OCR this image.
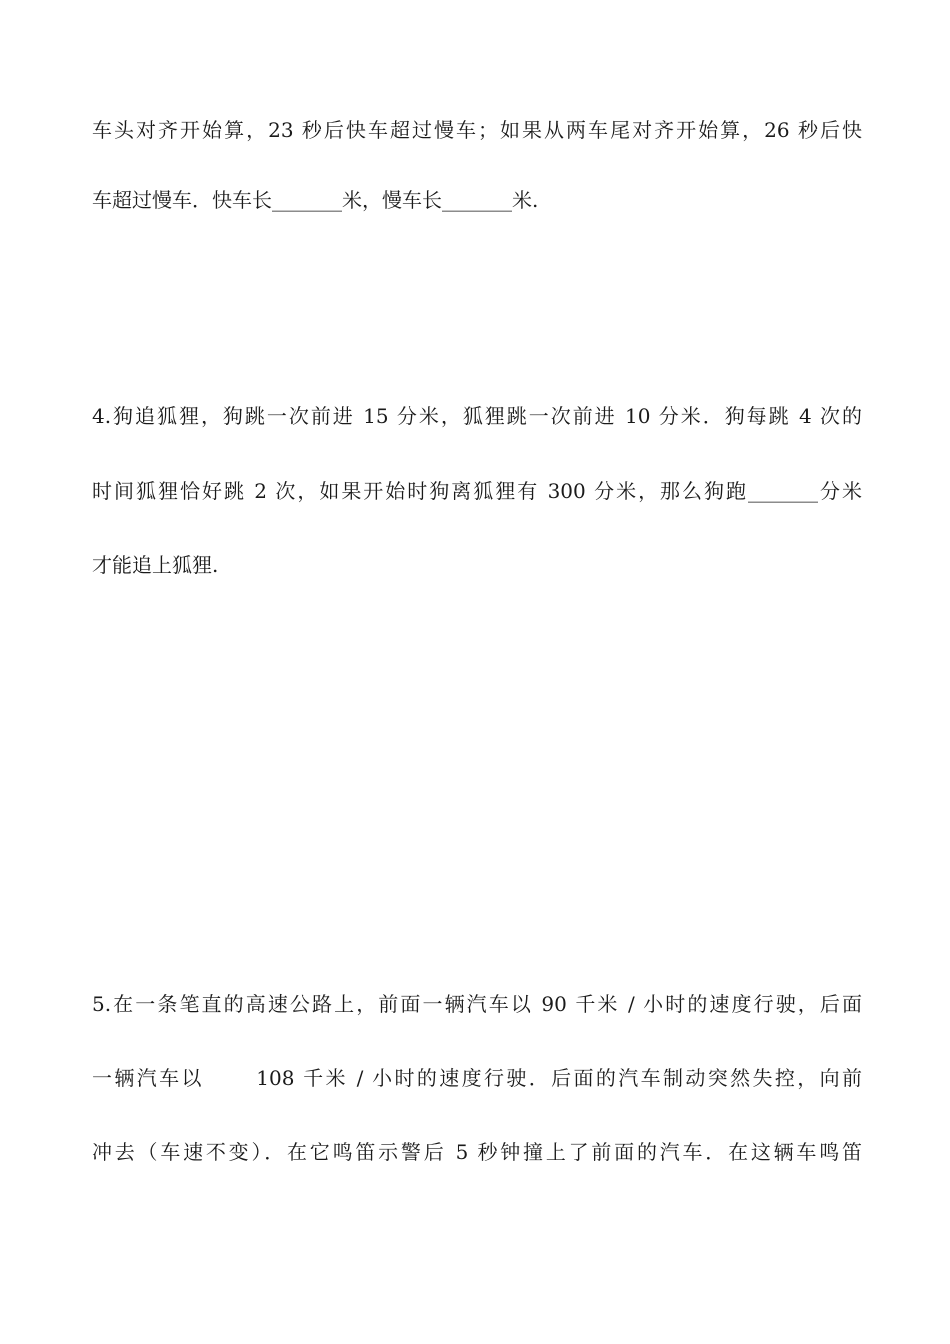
车头对齐开始算，23 秒后快车超过慢车；如果从两车尾对齐开始算，26 秒后快
车超过慢车．快车长_______米，慢车长_______米.
4.狗追狐狸，狗跳一次前进 15 分米，狐狸跳一次前进 10 分米．狗每跳 4 次的
时间狐狸恰好跳 2 次，如果开始时狗离狐狸有 300 分米，那么狗跑_______分米
才能追上狐狸.
5.在一条笔直的高速公路上，前面一辆汽车以 90 千米 / 小时的速度行驶，后面
一辆汽车以      108 千米 / 小时的速度行驶．后面的汽车制动突然失控，向前
冲去（车速不变）．在它鸣笛示警后 5 秒钟撞上了前面的汽车．在这辆车鸣笛
